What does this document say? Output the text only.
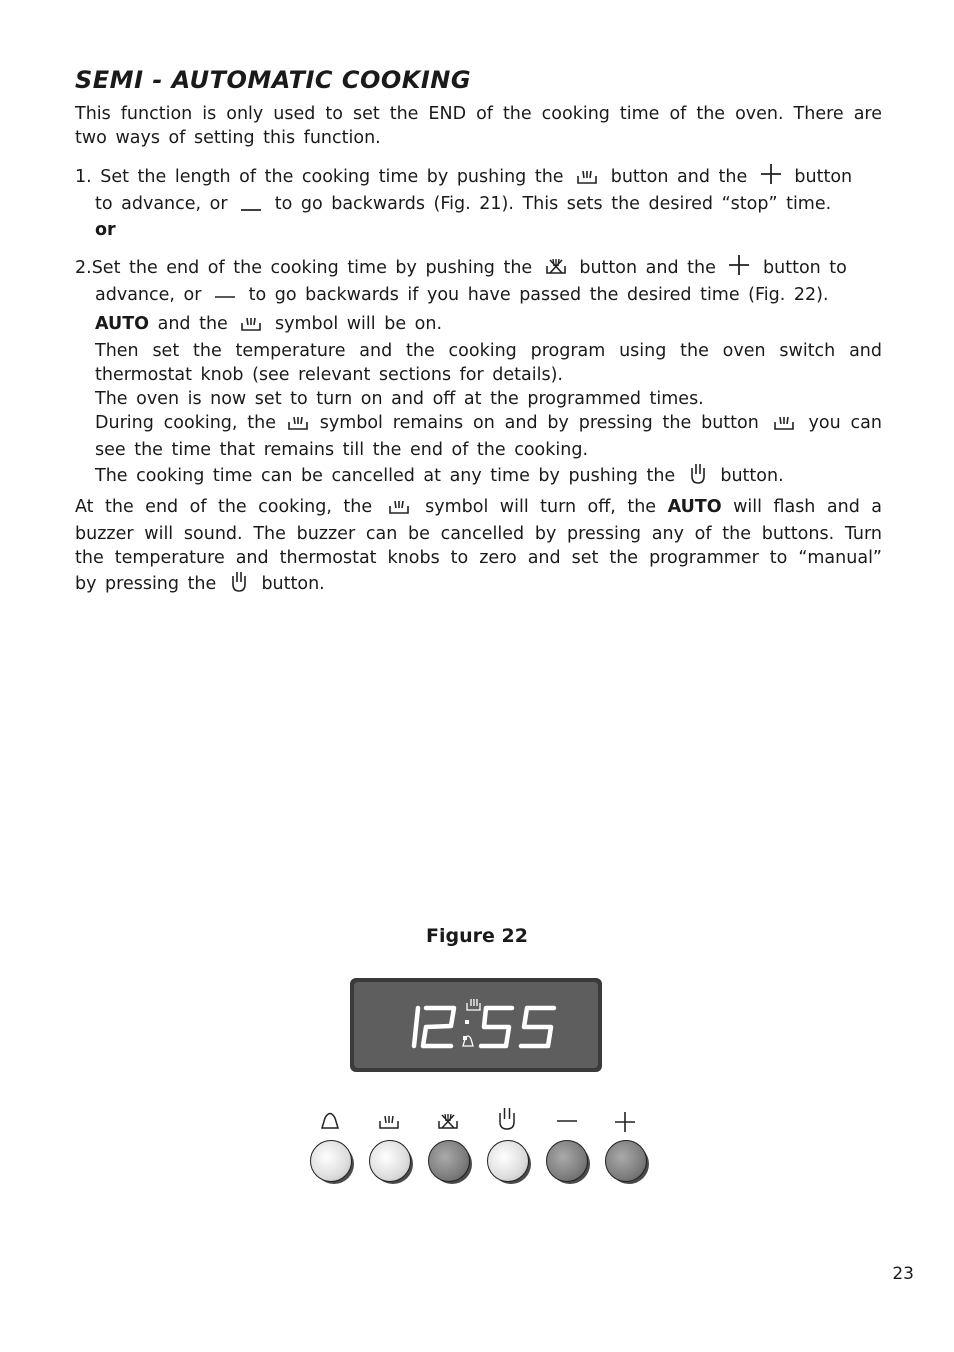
SEMI - AUTOMATIC COOKING

This function is only used to set the END of the cooking time of the oven. There are two ways of setting this function.

1. Set the length of the cooking time by pushing the	button and the	button

to advance, or	to go backwards (Fig. 21). This sets the desired “stop” time.

or

2.Set the end of the cooking time by pushing the	button and the	button to

advance, or	to go backwards if you have passed the desired time (Fig. 22).

AUTO and the	symbol will be on.

Then set the temperature and the cooking program using the oven switch and thermostat knob (see relevant sections for details).

The oven is now set to turn on and off at the programmed times.

During cooking, the symbol remains on and by pressing the button	you can see the time that remains till the end of the cooking.

The cooking time can be cancelled at any time by pushing the	button.

At the end of the cooking, the	symbol will turn off, the AUTO will flash and a buzzer will sound. The buzzer can be cancelled by pressing any of the buttons. Turn the temperature and thermostat knobs to zero and set the programmer to “manual” by pressing the	button.

Figure 22
23
